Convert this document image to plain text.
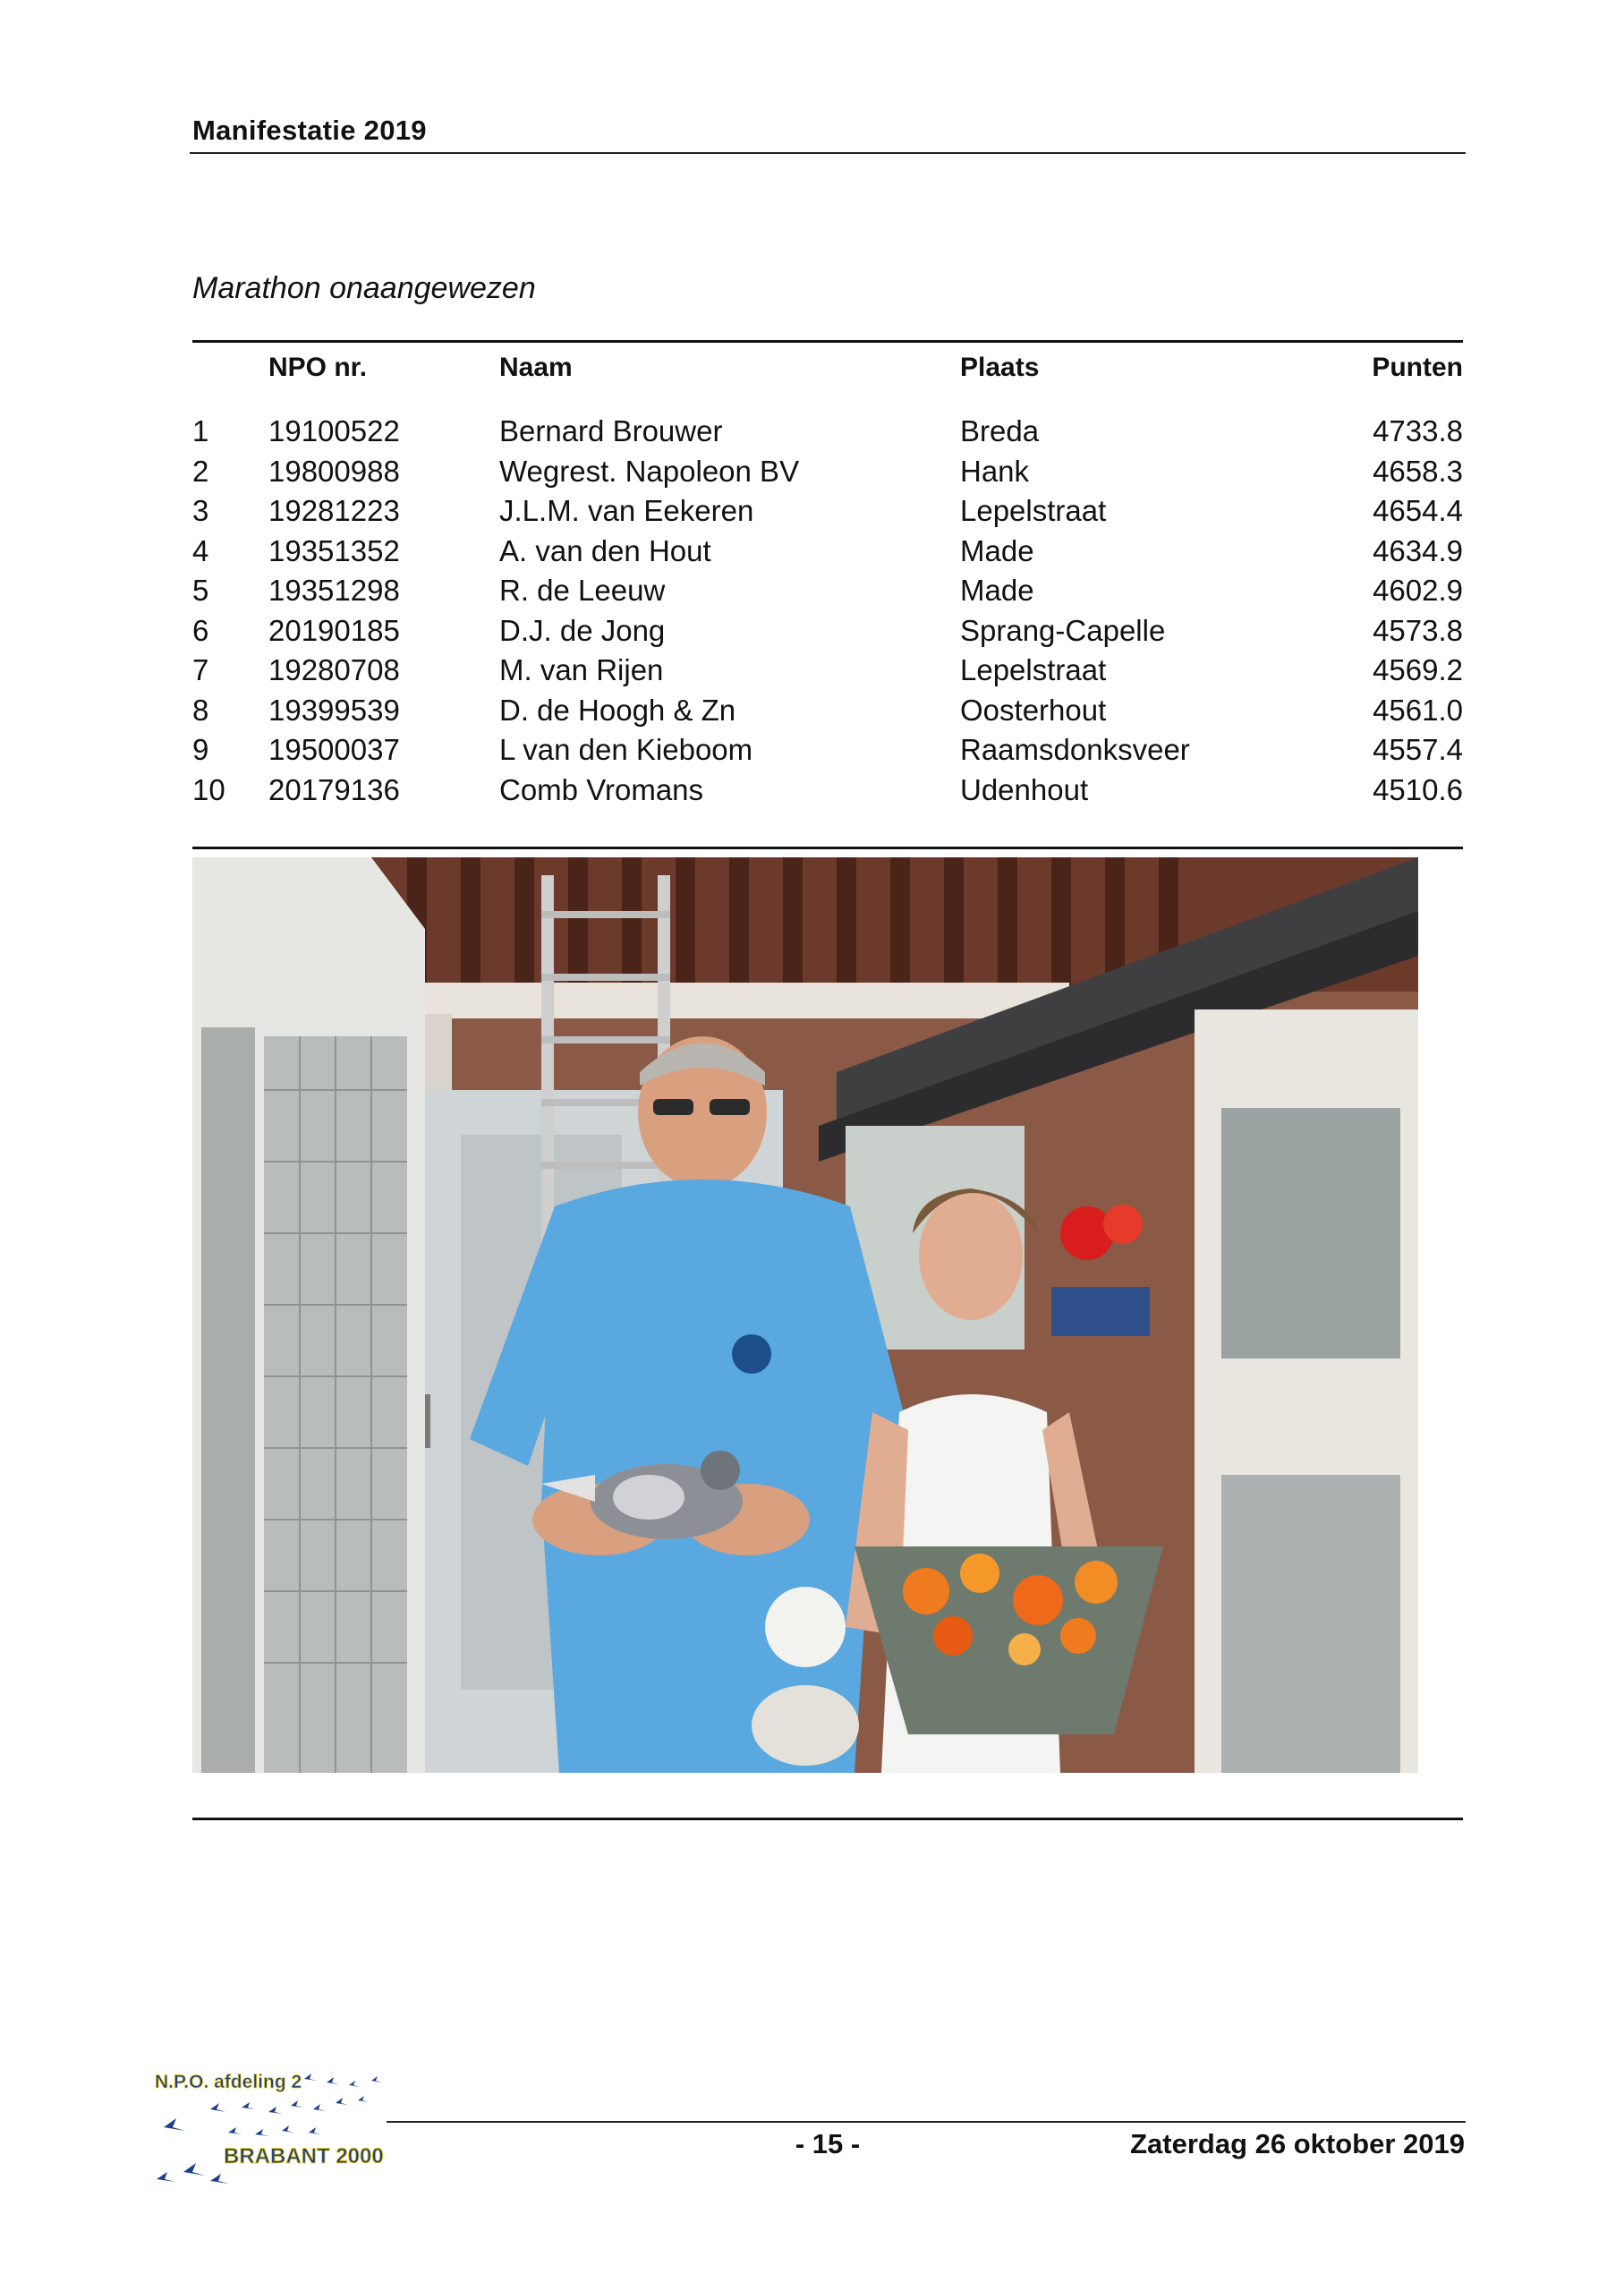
Manifestatie 2019
Marathon onaangewezen
	NPO nr.	Naam	Plaats	Punten

1	19100522	Bernard Brouwer	Breda	4733.8
2	19800988	Wegrest. Napoleon BV	Hank	4658.3
3	19281223	J.L.M. van Eekeren	Lepelstraat	4654.4
4	19351352	A. van den Hout	Made	4634.9
5	19351298	R. de Leeuw	Made	4602.9
6	20190185	D.J. de Jong	Sprang-Capelle	4573.8
7	19280708	M. van Rijen	Lepelstraat	4569.2
8	19399539	D. de Hoogh & Zn	Oosterhout	4561.0
9	19500037	L van den Kieboom	Raamsdonksveer	4557.4
10	20179136	Comb Vromans	Udenhout	4510.6
N.P.O. afdeling 2
BRABANT 2000	- 15 -	Zaterdag 26 oktober 2019
